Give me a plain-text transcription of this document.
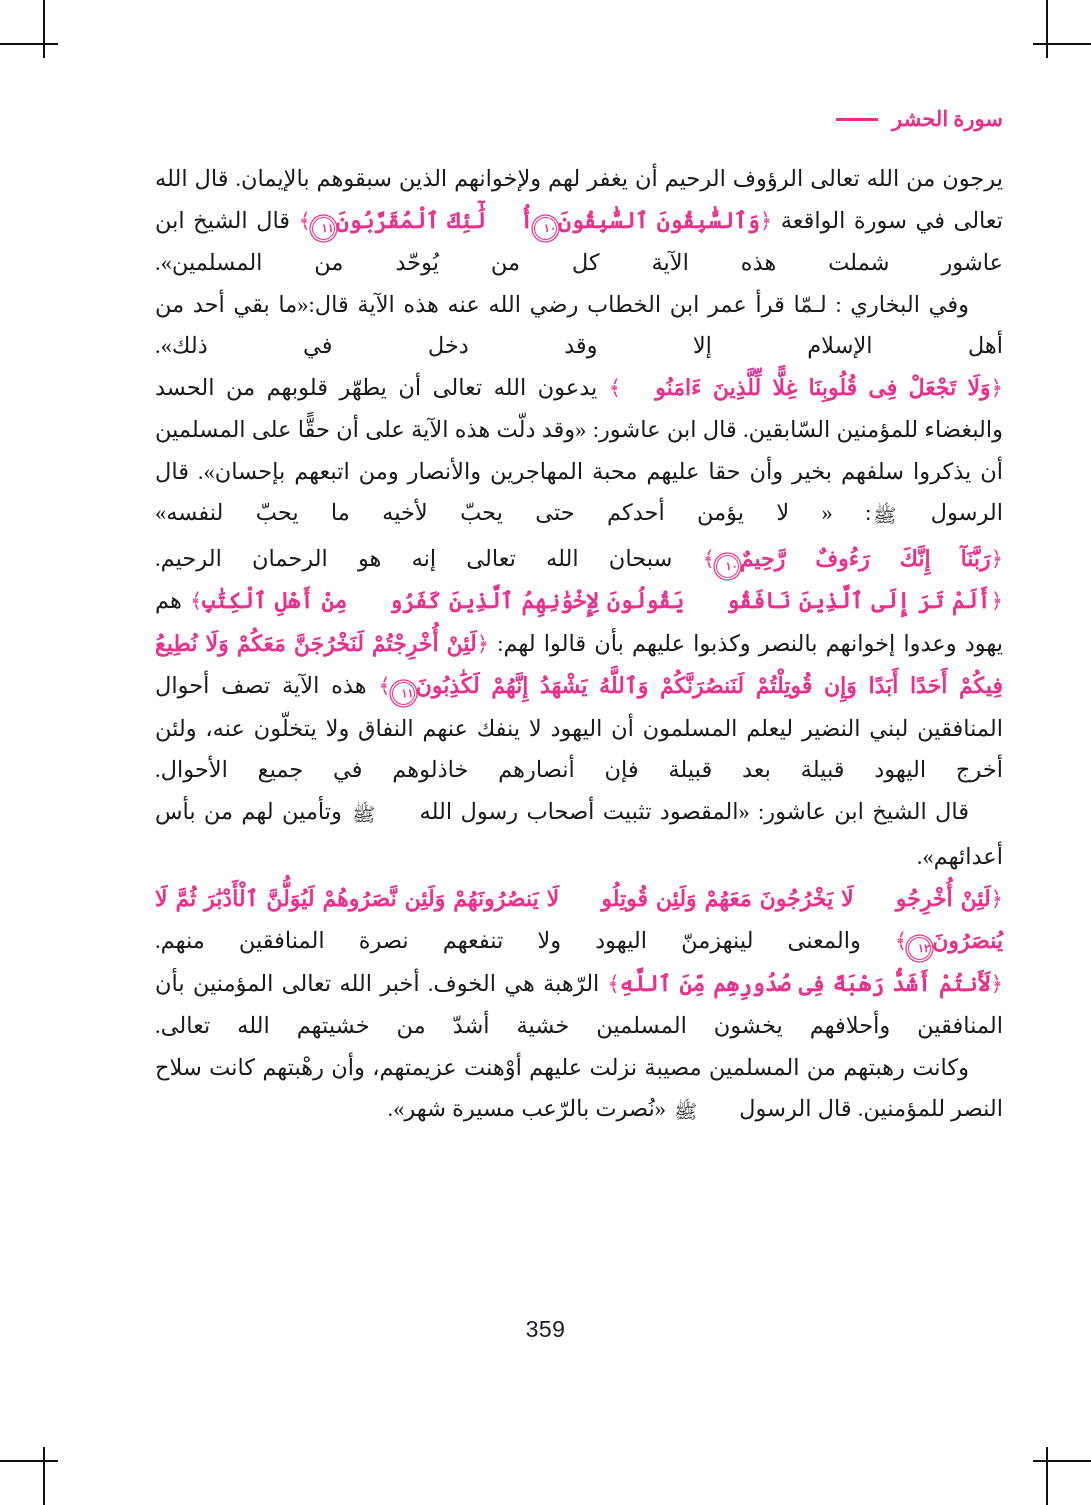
سورة الحشر

يرجون من الله تعالى الرؤوف الرحيم أن يغفر لهم ولإخوانهم الذين سبقوهم بالإيمان. قال الله تعالى في سورة الواقعة ﴿وَٱلسَّٰبِقُونَ ٱلسَّٰبِقُونَ١٠أُو۟لَٰٓئِكَ ٱلْمُقَرَّبُونَ١١﴾ قال الشيخ ابن عاشور شملت هذه الآية كل من يُوحّد من المسلمين».

وفي البخاري : لـمّا قرأ عمر ابن الخطاب رضي الله عنه هذه الآية قال:«ما بقي أحد من أهل الإسلام إلا وقد دخل في ذلك».

﴿وَلَا تَجْعَلْ فِى قُلُوبِنَا غِلًّا لِّلَّذِينَ ءَامَنُوا۟﴾ يدعون الله تعالى أن يطهّر قلوبهم من الحسد والبغضاء للمؤمنين السّابقين. قال ابن عاشور: «وقد دلّت هذه الآية على أن حقًّا على المسلمين أن يذكروا سلفهم بخير وأن حقا عليهم محبة المهاجرين والأنصار ومن اتبعهم بإحسان». قال الرسول ﷺ: « لا يؤمن أحدكم حتى يحبّ لأخيه ما يحبّ لنفسه»

﴿رَبَّنَآ إِنَّكَ رَءُوفٌ رَّحِيمٌ١٠﴾ سبحان الله تعالى إنه هو الرحمان الرحيم.

﴿أَلَمْ تَرَ إِلَى ٱلَّذِينَ نَافَقُوا۟ يَقُولُونَ لِإِخْوَٰنِهِمُ ٱلَّذِينَ كَفَرُوا۟ مِنْ أَهْلِ ٱلْكِتَٰبِ﴾ هم يهود وعدوا إخوانهم بالنصر وكذبوا عليهم بأن قالوا لهم: ﴿لَئِنْ أُخْرِجْتُمْ لَنَخْرُجَنَّ مَعَكُمْ وَلَا نُطِيعُ فِيكُمْ أَحَدًا أَبَدًا وَإِن قُوتِلْتُمْ لَنَنصُرَنَّكُمْ وَٱللَّهُ يَشْهَدُ إِنَّهُمْ لَكَٰذِبُونَ١١﴾ هذه الآية تصف أحوال المنافقين لبني النضير ليعلم المسلمون أن اليهود لا ينفك عنهم النفاق ولا يتخلّون عنه، ولئن أخرج اليهود قبيلة بعد قبيلة فإن أنصارهم خاذلوهم في جميع الأحوال.

قال الشيخ ابن عاشور: «المقصود تثبيت أصحاب رسول الله ﷺ وتأمين لهم من بأس أعدائهم».

﴿لَئِنْ أُخْرِجُوا۟ لَا يَخْرُجُونَ مَعَهُمْ وَلَئِن قُوتِلُوا۟ لَا يَنصُرُونَهُمْ وَلَئِن نَّصَرُوهُمْ لَيُوَلُّنَّ ٱلْأَدْبَٰرَ ثُمَّ لَا يُنصَرُونَ١٢﴾ والمعنى لينهزمنّ اليهود ولا تنفعهم نصرة المنافقين منهم.

﴿لَأَنتُمْ أَشَدُّ رَهْبَةً فِى صُدُورِهِم مِّنَ ٱللَّهِ﴾ الرّهبة هي الخوف. أخبر الله تعالى المؤمنين بأن المنافقين وأحلافهم يخشون المسلمين خشية أشدّ من خشيتهم الله تعالى.

وكانت رهبتهم من المسلمين مصيبة نزلت عليهم أوْهنت عزيمتهم، وأن رهْبتهم كانت سلاح النصر للمؤمنين. قال الرسول ﷺ «نُصرت بالرّعب مسيرة شهر».

359
